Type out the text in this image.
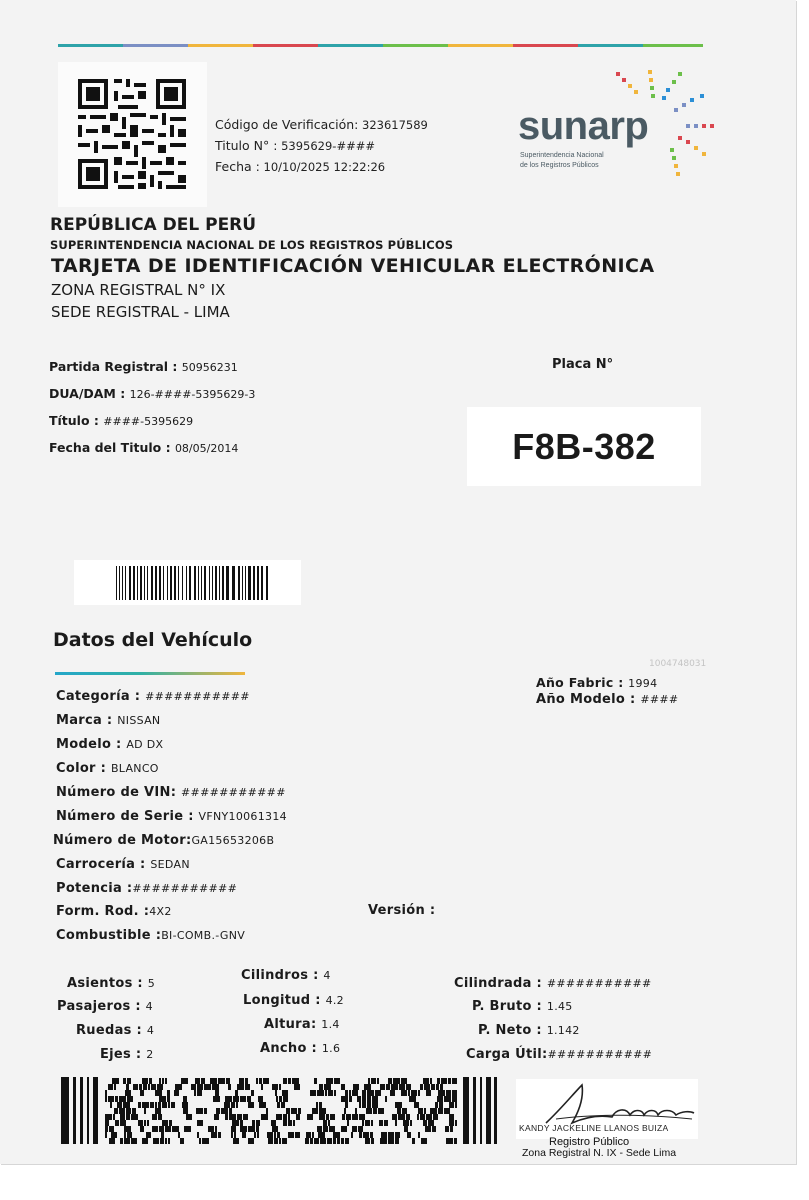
Código de Verificación: 323617589
Titulo N° : 5395629-####
Fecha : 10/10/2025 12:22:26
sunarp
Superintendencia Nacional
de los Registros Públicos
REPÚBLICA DEL PERÚ
SUPERINTENDENCIA NACIONAL DE LOS REGISTROS PÚBLICOS
TARJETA DE IDENTIFICACIÓN VEHICULAR ELECTRÓNICA
ZONA REGISTRAL N° IX
SEDE REGISTRAL - LIMA
Partida Registral : 50956231
DUA/DAM : 126-####-5395629-3
Título : ####-5395629
Fecha del Titulo : 08/05/2014
Placa N°
F8B-382
Datos del Vehículo
1004748031
Año Fabric : 1994
Año Modelo : ####
Categoría : ###########
Marca : NISSAN
Modelo : AD DX
Color : BLANCO
Número de VIN: ###########
Número de Serie : VFNY10061314
Número de Motor:GA15653206B
Carrocería : SEDAN
Potencia :###########
Form. Rod. :4X2	Versión :
Combustible :BI-COMB.-GNV
Asientos : 5
Pasajeros : 4
Ruedas : 4
Ejes : 2
Cilindros : 4
Longitud : 4.2
Altura: 1.4
Ancho : 1.6
Cilindrada : ###########
P. Bruto : 1.45
P. Neto : 1.142
Carga Útil:###########
KANDY JACKELINE LLANOS BUIZA
Registro Público
Zona Registral N. IX - Sede Lima
